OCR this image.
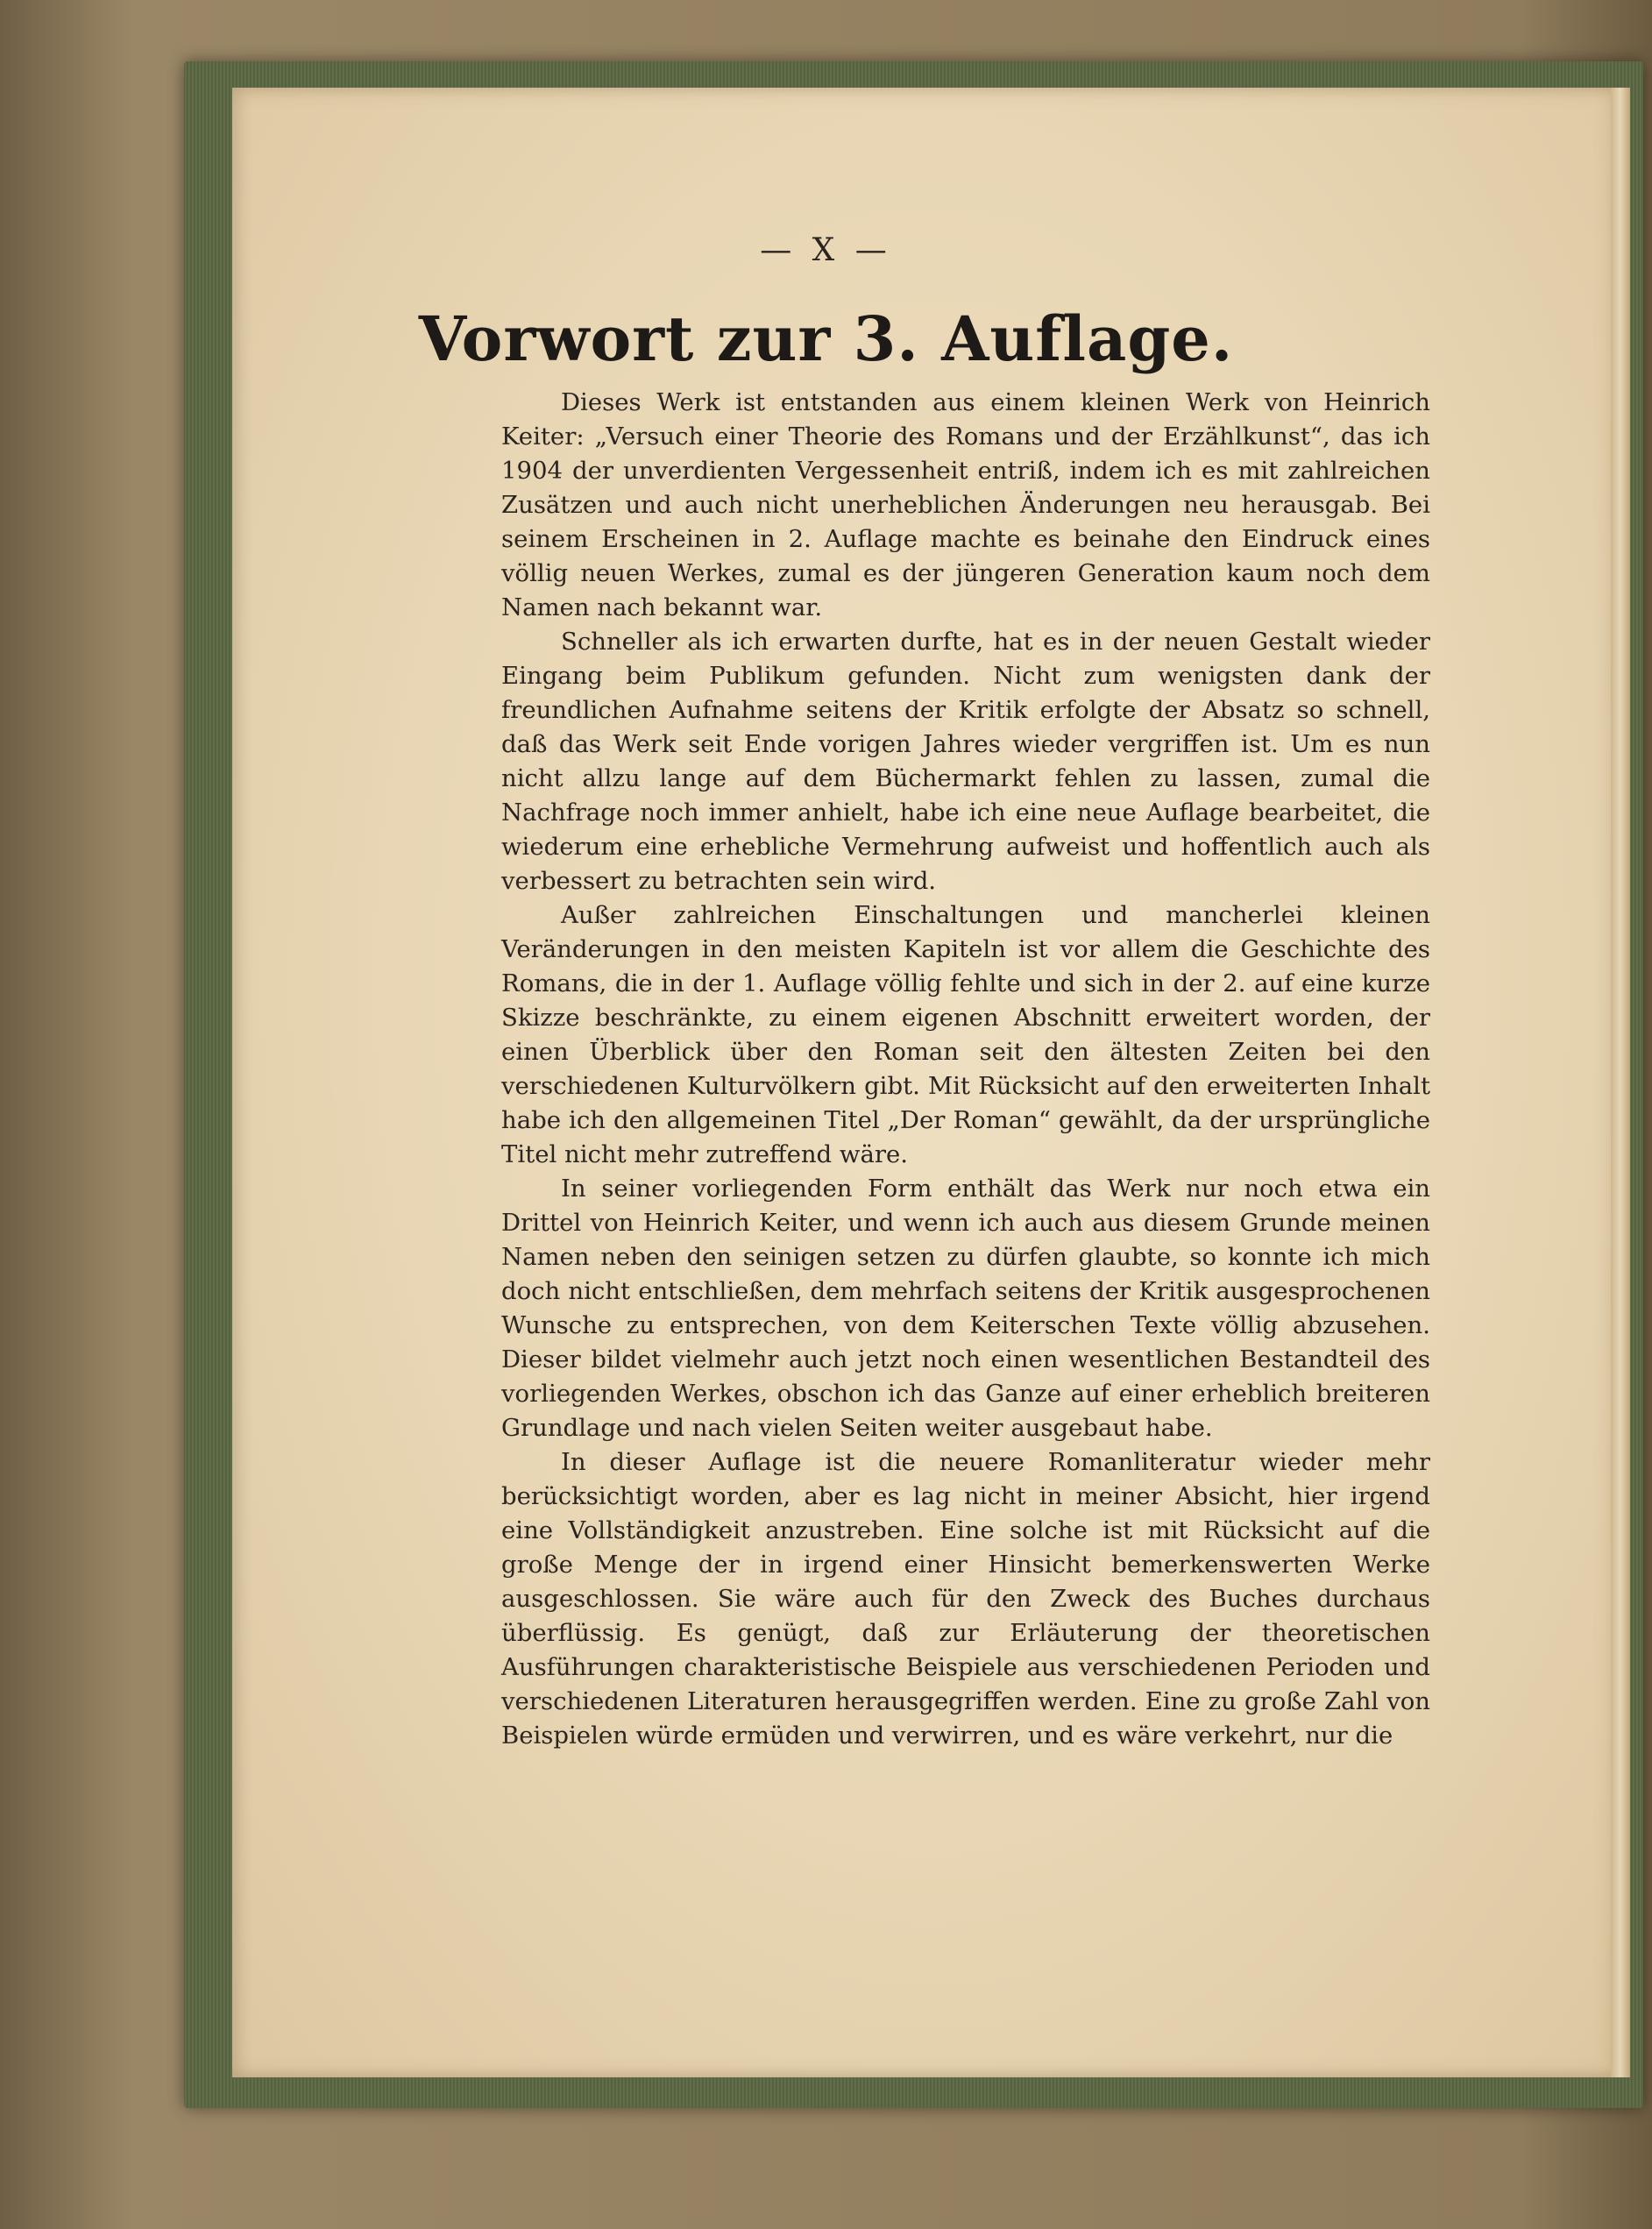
— X —
Vorwort zur 3. Auflage.

Dieses Werk ist entstanden aus einem kleinen Werk von Heinrich Keiter: „Versuch einer Theorie des Romans und der Erzählkunst“, das ich 1904 der unverdienten Vergessenheit entriß, indem ich es mit zahlreichen Zusätzen und auch nicht unerheblichen Änderungen neu herausgab. Bei seinem Erscheinen in 2. Auflage machte es beinahe den Eindruck eines völlig neuen Werkes, zumal es der jüngeren Generation kaum noch dem Namen nach bekannt war.

Schneller als ich erwarten durfte, hat es in der neuen Gestalt wieder Eingang beim Publikum gefunden. Nicht zum wenigsten dank der freundlichen Aufnahme seitens der Kritik erfolgte der Absatz so schnell, daß das Werk seit Ende vorigen Jahres wieder vergriffen ist. Um es nun nicht allzu lange auf dem Büchermarkt fehlen zu lassen, zumal die Nachfrage noch immer anhielt, habe ich eine neue Auflage bearbeitet, die wiederum eine erhebliche Vermehrung aufweist und hoffentlich auch als verbessert zu betrachten sein wird.

Außer zahlreichen Einschaltungen und mancherlei kleinen Veränderungen in den meisten Kapiteln ist vor allem die Geschichte des Romans, die in der 1. Auflage völlig fehlte und sich in der 2. auf eine kurze Skizze beschränkte, zu einem eigenen Abschnitt erweitert worden, der einen Überblick über den Roman seit den ältesten Zeiten bei den verschiedenen Kulturvölkern gibt. Mit Rücksicht auf den erweiterten Inhalt habe ich den allgemeinen Titel „Der Roman“ gewählt, da der ursprüngliche Titel nicht mehr zutreffend wäre.

In seiner vorliegenden Form enthält das Werk nur noch etwa ein Drittel von Heinrich Keiter, und wenn ich auch aus diesem Grunde meinen Namen neben den seinigen setzen zu dürfen glaubte, so konnte ich mich doch nicht entschließen, dem mehrfach seitens der Kritik ausgesprochenen Wunsche zu entsprechen, von dem Keiterschen Texte völlig abzusehen. Dieser bildet vielmehr auch jetzt noch einen wesentlichen Bestandteil des vorliegenden Werkes, obschon ich das Ganze auf einer erheblich breiteren Grundlage und nach vielen Seiten weiter ausgebaut habe.

In dieser Auflage ist die neuere Romanliteratur wieder mehr berücksichtigt worden, aber es lag nicht in meiner Absicht, hier irgend eine Vollständigkeit anzustreben. Eine solche ist mit Rücksicht auf die große Menge der in irgend einer Hinsicht bemerkenswerten Werke ausgeschlossen. Sie wäre auch für den Zweck des Buches durchaus überflüssig. Es genügt, daß zur Erläuterung der theoretischen Ausführungen charakteristische Beispiele aus verschiedenen Perioden und verschiedenen Literaturen herausgegriffen werden. Eine zu große Zahl von Beispielen würde ermüden und verwirren, und es wäre verkehrt, nur die
